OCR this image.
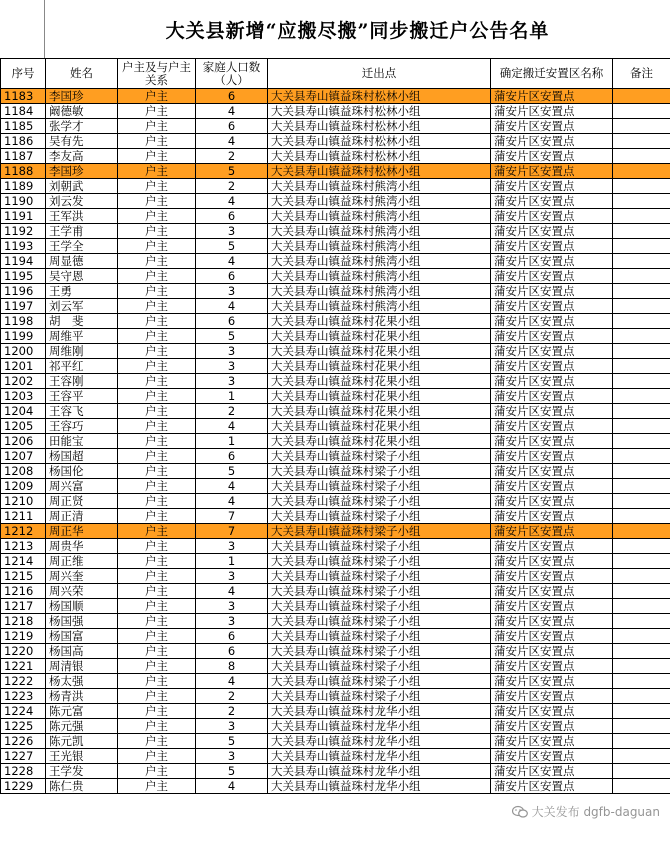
大关县新增“应搬尽搬”同步搬迁户公告名单
序号	姓名	户主及与户主关系	家庭人口数（人）	迁出点	确定搬迁安置区名称	备注
1183	李国珍	户主	6	大关县寿山镇益珠村松林小组	蒲安片区安置点	
1184	阚德敏	户主	4	大关县寿山镇益珠村松林小组	蒲安片区安置点	
1185	张学才	户主	6	大关县寿山镇益珠村松林小组	蒲安片区安置点	
1186	吴有先	户主	4	大关县寿山镇益珠村松林小组	蒲安片区安置点	
1187	李友高	户主	2	大关县寿山镇益珠村松林小组	蒲安片区安置点	
1188	李国珍	户主	5	大关县寿山镇益珠村松林小组	蒲安片区安置点	
1189	刘朝武	户主	2	大关县寿山镇益珠村熊湾小组	蒲安片区安置点	
1190	刘云发	户主	4	大关县寿山镇益珠村熊湾小组	蒲安片区安置点	
1191	王军洪	户主	6	大关县寿山镇益珠村熊湾小组	蒲安片区安置点	
1192	王学甫	户主	3	大关县寿山镇益珠村熊湾小组	蒲安片区安置点	
1193	王学全	户主	5	大关县寿山镇益珠村熊湾小组	蒲安片区安置点	
1194	周显德	户主	4	大关县寿山镇益珠村熊湾小组	蒲安片区安置点	
1195	吴守恩	户主	6	大关县寿山镇益珠村熊湾小组	蒲安片区安置点	
1196	王勇	户主	3	大关县寿山镇益珠村熊湾小组	蒲安片区安置点	
1197	刘云军	户主	4	大关县寿山镇益珠村熊湾小组	蒲安片区安置点	
1198	胡　斐	户主	6	大关县寿山镇益珠村花果小组	蒲安片区安置点	
1199	周维平	户主	5	大关县寿山镇益珠村花果小组	蒲安片区安置点	
1200	周维刚	户主	3	大关县寿山镇益珠村花果小组	蒲安片区安置点	
1201	祁平红	户主	3	大关县寿山镇益珠村花果小组	蒲安片区安置点	
1202	王容刚	户主	3	大关县寿山镇益珠村花果小组	蒲安片区安置点	
1203	王容平	户主	1	大关县寿山镇益珠村花果小组	蒲安片区安置点	
1204	王容飞	户主	2	大关县寿山镇益珠村花果小组	蒲安片区安置点	
1205	王容巧	户主	4	大关县寿山镇益珠村花果小组	蒲安片区安置点	
1206	田能宝	户主	1	大关县寿山镇益珠村花果小组	蒲安片区安置点	
1207	杨国超	户主	6	大关县寿山镇益珠村梁子小组	蒲安片区安置点	
1208	杨国伦	户主	5	大关县寿山镇益珠村梁子小组	蒲安片区安置点	
1209	周兴富	户主	4	大关县寿山镇益珠村梁子小组	蒲安片区安置点	
1210	周正贤	户主	4	大关县寿山镇益珠村梁子小组	蒲安片区安置点	
1211	周正清	户主	7	大关县寿山镇益珠村梁子小组	蒲安片区安置点	
1212	周正华	户主	7	大关县寿山镇益珠村梁子小组	蒲安片区安置点	
1213	周贵华	户主	3	大关县寿山镇益珠村梁子小组	蒲安片区安置点	
1214	周正维	户主	1	大关县寿山镇益珠村梁子小组	蒲安片区安置点	
1215	周兴奎	户主	3	大关县寿山镇益珠村梁子小组	蒲安片区安置点	
1216	周兴荣	户主	4	大关县寿山镇益珠村梁子小组	蒲安片区安置点	
1217	杨国顺	户主	3	大关县寿山镇益珠村梁子小组	蒲安片区安置点	
1218	杨国强	户主	3	大关县寿山镇益珠村梁子小组	蒲安片区安置点	
1219	杨国富	户主	6	大关县寿山镇益珠村梁子小组	蒲安片区安置点	
1220	杨国高	户主	6	大关县寿山镇益珠村梁子小组	蒲安片区安置点	
1221	周清银	户主	8	大关县寿山镇益珠村梁子小组	蒲安片区安置点	
1222	杨太强	户主	4	大关县寿山镇益珠村梁子小组	蒲安片区安置点	
1223	杨青洪	户主	2	大关县寿山镇益珠村梁子小组	蒲安片区安置点	
1224	陈元富	户主	2	大关县寿山镇益珠村龙华小组	蒲安片区安置点	
1225	陈元强	户主	3	大关县寿山镇益珠村龙华小组	蒲安片区安置点	
1226	陈元凯	户主	5	大关县寿山镇益珠村龙华小组	蒲安片区安置点	
1227	王光银	户主	3	大关县寿山镇益珠村龙华小组	蒲安片区安置点	
1228	王学发	户主	5	大关县寿山镇益珠村龙华小组	蒲安片区安置点	
1229	陈仁贵	户主	4	大关县寿山镇益珠村龙华小组	蒲安片区安置点	
大关发布 dgfb-daguan
